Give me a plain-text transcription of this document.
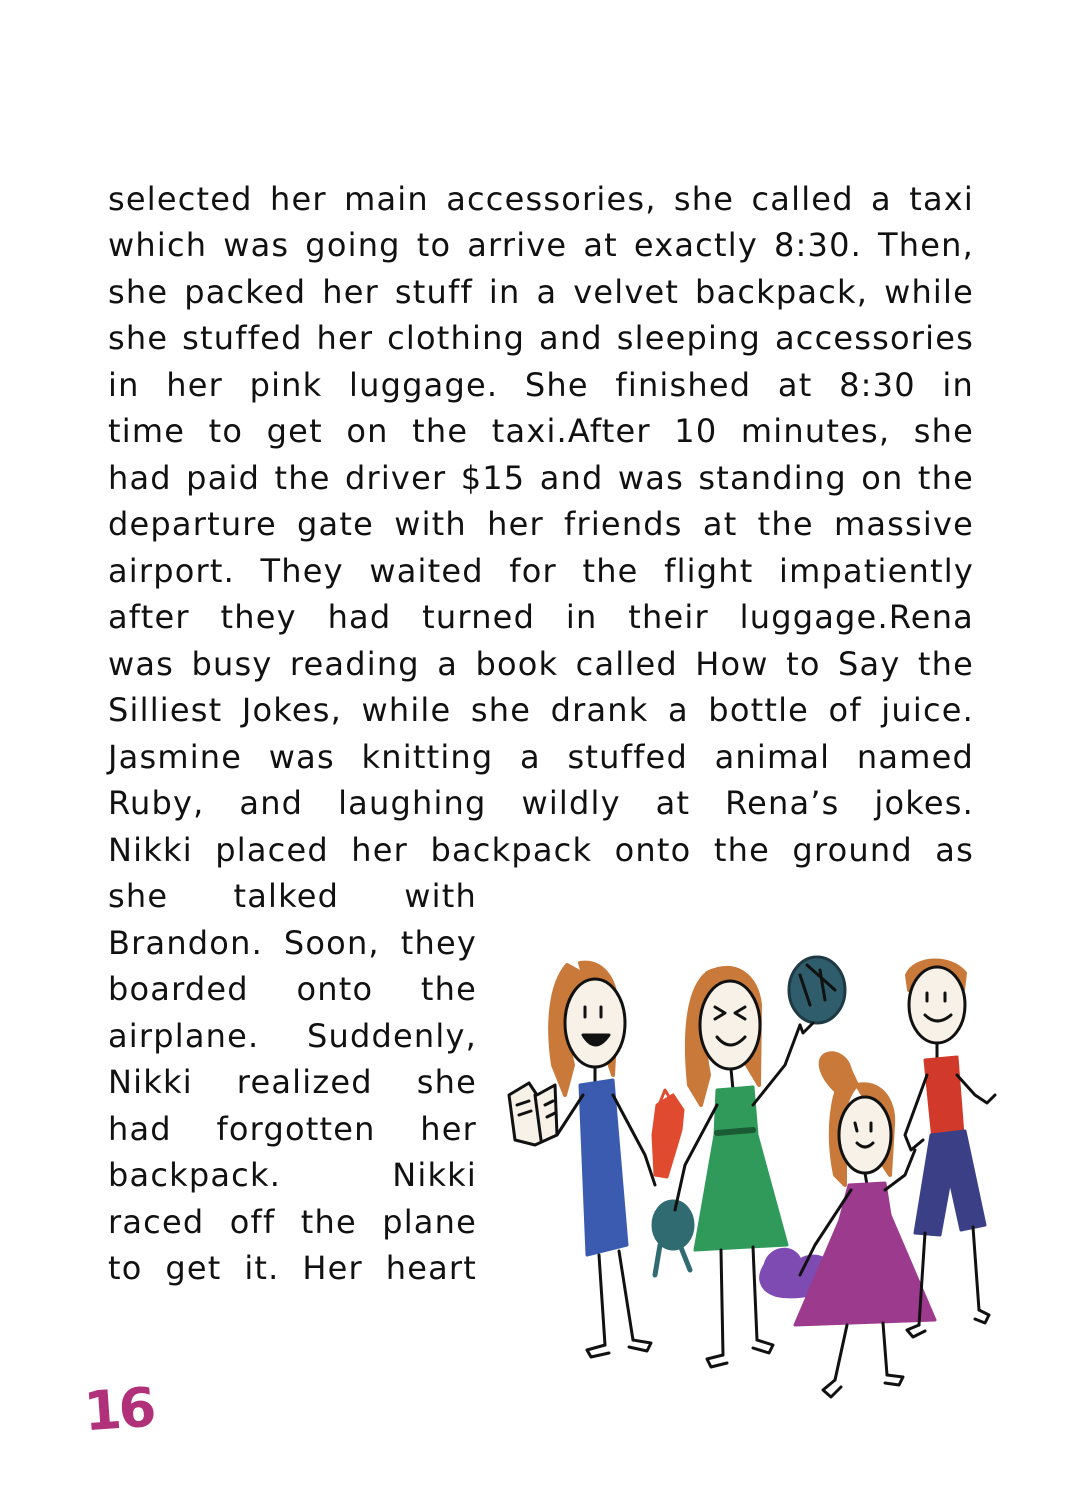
selected her main accessories, she called a taxi
which was going to arrive at exactly 8:30. Then,
she packed her stuff in a velvet backpack, while
she stuffed her clothing and sleeping accessories
in her pink luggage. She finished at 8:30 in
time to get on the taxi.After 10 minutes, she
had paid the driver $15 and was standing on the
departure gate with her friends at the massive
airport. They waited for the flight impatiently
after they had turned in their luggage.Rena
was busy reading a book called How to Say the
Silliest Jokes, while she drank a bottle of juice.
Jasmine was knitting a stuffed animal named
Ruby, and laughing wildly at Rena’s jokes.
Nikki placed her backpack onto the ground as
she talked with
Brandon. Soon, they
boarded onto the
airplane. Suddenly,
Nikki realized she
had forgotten her
backpack. Nikki
raced off the plane
to get it. Her heart
16
